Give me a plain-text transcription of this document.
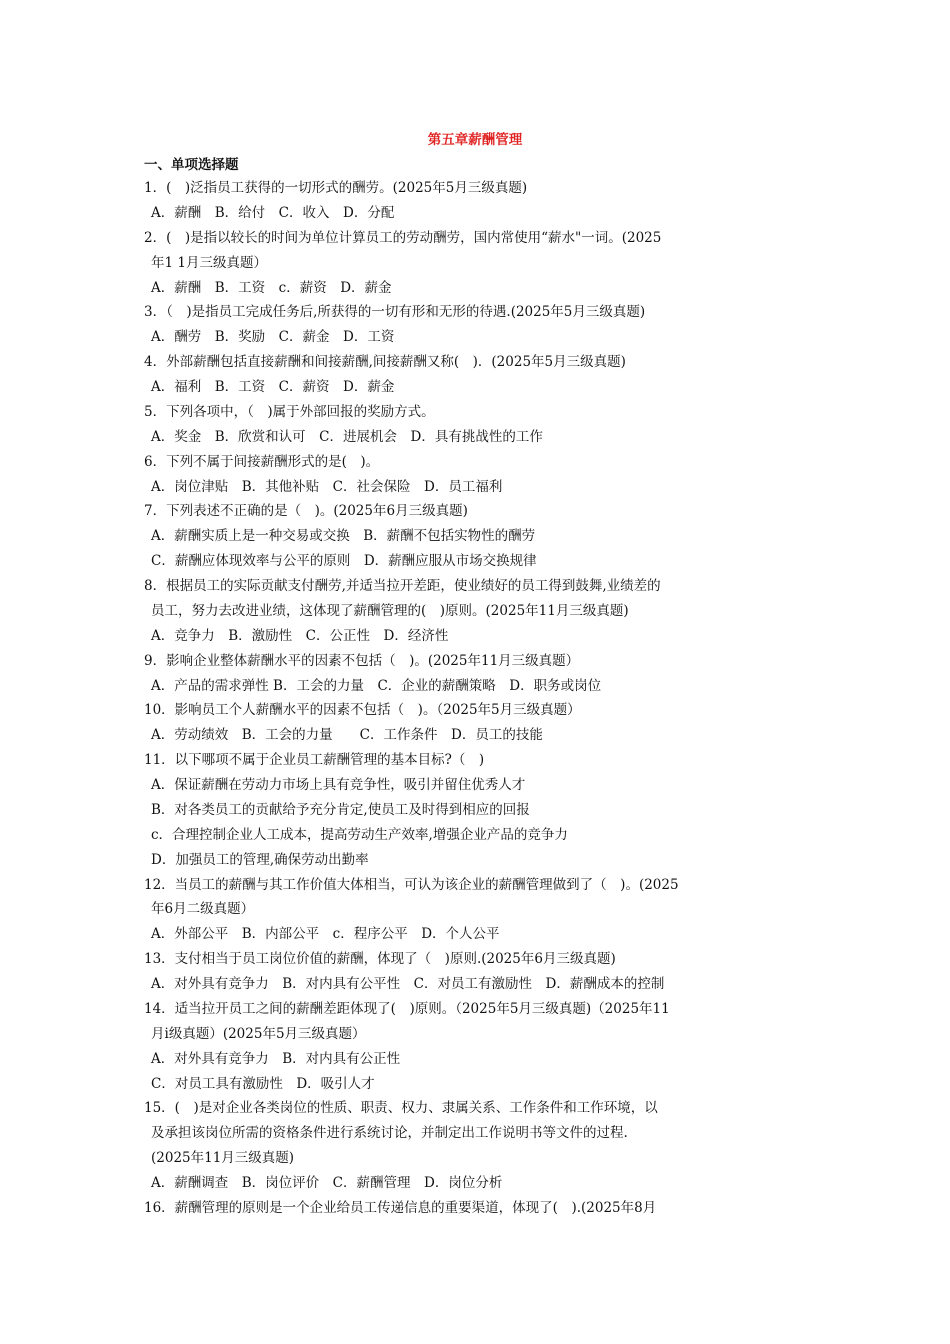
第五章薪酬管理
一、单项选择题
1．(　)泛指员工获得的一切形式的酬劳。(2025年5月三级真题)
A．薪酬　B．给付　C．收入　D．分配
2．(　)是指以较长的时间为单位计算员工的劳动酬劳，国内常使用“薪水"一词。(2025
年1 1月三级真题）
A．薪酬　B．工资　c．薪资　D．薪金
3．（　)是指员工完成任务后,所获得的一切有形和无形的待遇.(2025年5月三级真题)
A．酬劳　B．奖励　C．薪金　D．工资
4．外部薪酬包括直接薪酬和间接薪酬,间接薪酬又称(　)．(2025年5月三级真题)
A．福利　B．工资　C．薪资　D．薪金
5．下列各项中，（　)属于外部回报的奖励方式。
A．奖金　B．欣赏和认可　C．进展机会　D．具有挑战性的工作
6．下列不属于间接薪酬形式的是(　)。
A．岗位津贴　B．其他补贴　C．社会保险　D．员工福利
7．下列表述不正确的是（　)。(2025年6月三级真题)
A．薪酬实质上是一种交易或交换　B．薪酬不包括实物性的酬劳
C．薪酬应体现效率与公平的原则　D．薪酬应服从市场交换规律
8．根据员工的实际贡献支付酬劳,并适当拉开差距，使业绩好的员工得到鼓舞,业绩差的
员工，努力去改进业绩，这体现了薪酬管理的(　)原则。(2025年11月三级真题)
A．竞争力　B．激励性　C．公正性　D．经济性
9．影响企业整体薪酬水平的因素不包括（　)。(2025年11月三级真题）
A．产品的需求弹性 B．工会的力量　C．企业的薪酬策略　D．职务或岗位
10．影响员工个人薪酬水平的因素不包括（　)。（2025年5月三级真题）
A．劳动绩效　B．工会的力量　　C．工作条件　D．员工的技能
11．以下哪项不属于企业员工薪酬管理的基本目标?（　)
A．保证薪酬在劳动力市场上具有竞争性，吸引并留住优秀人才
B．对各类员工的贡献给予充分肯定,使员工及时得到相应的回报
c．合理控制企业人工成本，提高劳动生产效率,增强企业产品的竞争力
D．加强员工的管理,确保劳动出勤率
12．当员工的薪酬与其工作价值大体相当，可认为该企业的薪酬管理做到了（　)。(2025
年6月二级真题）
A．外部公平　B．内部公平　c．程序公平　D．个人公平
13．支付相当于员工岗位价值的薪酬，体现了（　)原则.(2025年6月三级真题)
A．对外具有竞争力　B．对内具有公平性　C．对员工有激励性　D．薪酬成本的控制
14．适当拉开员工之间的薪酬差距体现了(　)原则。（2025年5月三级真题)（2025年11
月i级真题）(2025年5月三级真题）
A．对外具有竞争力　B．对内具有公正性
C．对员工具有激励性　D．吸引人才
15．(　)是对企业各类岗位的性质、职责、权力、隶属关系、工作条件和工作环境，以
及承担该岗位所需的资格条件进行系统讨论，并制定出工作说明书等文件的过程.
(2025年11月三级真题)
A．薪酬调查　B．岗位评价　C．薪酬管理　D．岗位分析
16．薪酬管理的原则是一个企业给员工传递信息的重要渠道，体现了(　).(2025年8月
